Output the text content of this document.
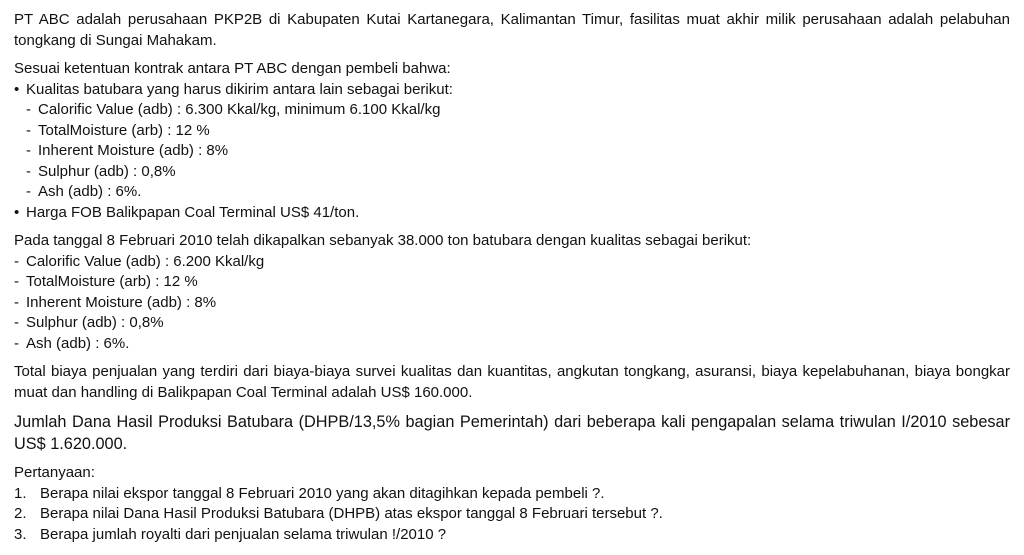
PT ABC adalah perusahaan PKP2B di Kabupaten Kutai Kartanegara, Kalimantan Timur, fasilitas muat akhir milik perusahaan adalah pelabuhan tongkang di Sungai Mahakam.

Sesuai ketentuan kontrak antara PT ABC dengan pembeli bahwa:

• Kualitas batubara yang harus dikirim antara lain sebagai berikut:
- Calorific Value (adb) : 6.300 Kkal/kg, minimum 6.100 Kkal/kg
- TotalMoisture (arb) : 12 %
- Inherent Moisture (adb) : 8%
- Sulphur (adb) : 0,8%
- Ash (adb) : 6%.
• Harga FOB Balikpapan Coal Terminal US$ 41/ton.

Pada tanggal 8 Februari 2010 telah dikapalkan sebanyak 38.000 ton batubara dengan kualitas sebagai berikut:

- Calorific Value (adb) : 6.200 Kkal/kg
- TotalMoisture (arb) : 12 %
- Inherent Moisture (adb) : 8%
- Sulphur (adb) : 0,8%
- Ash (adb) : 6%.

Total biaya penjualan yang terdiri dari biaya-biaya survei kualitas dan kuantitas, angkutan tongkang, asuransi, biaya kepelabuhanan, biaya bongkar muat dan handling di Balikpapan Coal Terminal adalah US$ 160.000.

Jumlah Dana Hasil Produksi Batubara (DHPB/13,5% bagian Pemerintah) dari beberapa kali pengapalan selama triwulan I/2010 sebesar US$ 1.620.000.

Pertanyaan:

1. Berapa nilai ekspor tanggal 8 Februari 2010 yang akan ditagihkan kepada pembeli ?.
2. Berapa nilai Dana Hasil Produksi Batubara (DHPB) atas ekspor tanggal 8 Februari tersebut ?.
3. Berapa jumlah royalti dari penjualan selama triwulan !/2010 ?
